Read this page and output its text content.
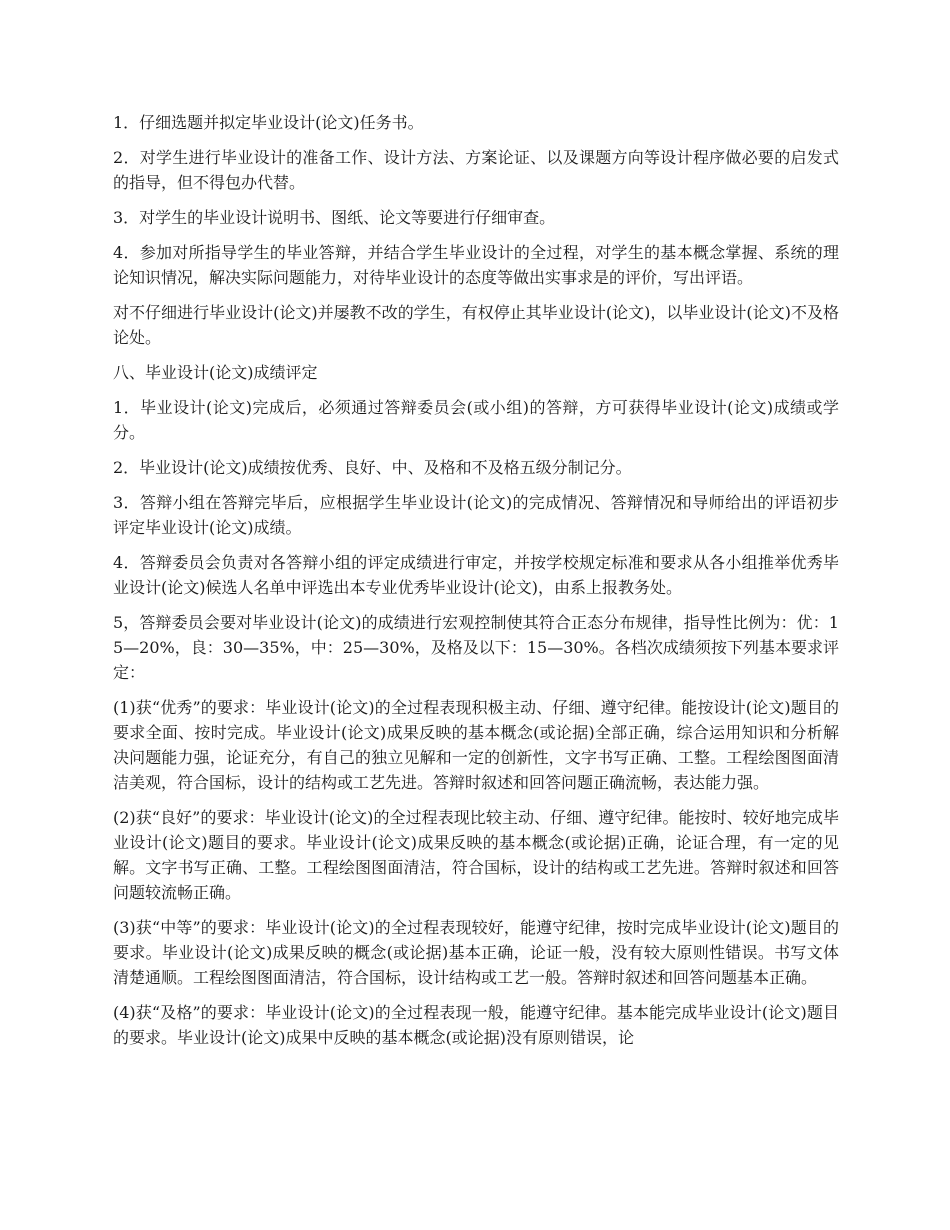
1．仔细选题并拟定毕业设计(论文)任务书。

2．对学生进行毕业设计的准备工作、设计方法、方案论证、以及课题方向等设计程序做必要的启发式的指导，但不得包办代替。

3．对学生的毕业设计说明书、图纸、论文等要进行仔细审查。

4．参加对所指导学生的毕业答辩，并结合学生毕业设计的全过程，对学生的基本概念掌握、系统的理论知识情况，解决实际问题能力，对待毕业设计的态度等做出实事求是的评价，写出评语。

对不仔细进行毕业设计(论文)并屡教不改的学生，有权停止其毕业设计(论文)，以毕业设计(论文)不及格论处。

八、毕业设计(论文)成绩评定

1．毕业设计(论文)完成后，必须通过答辩委员会(或小组)的答辩，方可获得毕业设计(论文)成绩或学分。

2．毕业设计(论文)成绩按优秀、良好、中、及格和不及格五级分制记分。

3．答辩小组在答辩完毕后，应根据学生毕业设计(论文)的完成情况、答辩情况和导师给出的评语初步评定毕业设计(论文)成绩。

4．答辩委员会负责对各答辩小组的评定成绩进行审定，并按学校规定标准和要求从各小组推举优秀毕业设计(论文)候选人名单中评选出本专业优秀毕业设计(论文)，由系上报教务处。

5，答辩委员会要对毕业设计(论文)的成绩进行宏观控制使其符合正态分布规律，指导性比例为：优：15—20%，良：30—35%，中：25—30%，及格及以下：15—30%。各档次成绩须按下列基本要求评定：

(1)获“优秀”的要求：毕业设计(论文)的全过程表现积极主动、仔细、遵守纪律。能按设计(论文)题目的要求全面、按时完成。毕业设计(论文)成果反映的基本概念(或论据)全部正确，综合运用知识和分析解决问题能力强，论证充分，有自己的独立见解和一定的创新性，文字书写正确、工整。工程绘图图面清洁美观，符合国标，设计的结构或工艺先进。答辩时叙述和回答问题正确流畅，表达能力强。

(2)获“良好”的要求：毕业设计(论文)的全过程表现比较主动、仔细、遵守纪律。能按时、较好地完成毕业设计(论文)题目的要求。毕业设计(论文)成果反映的基本概念(或论据)正确，论证合理，有一定的见解。文字书写正确、工整。工程绘图图面清洁，符合国标，设计的结构或工艺先进。答辩时叙述和回答问题较流畅正确。

(3)获“中等”的要求：毕业设计(论文)的全过程表现较好，能遵守纪律，按时完成毕业设计(论文)题目的要求。毕业设计(论文)成果反映的概念(或论据)基本正确，论证一般，没有较大原则性错误。书写文体清楚通顺。工程绘图图面清洁，符合国标，设计结构或工艺一般。答辩时叙述和回答问题基本正确。

(4)获“及格”的要求：毕业设计(论文)的全过程表现一般，能遵守纪律。基本能完成毕业设计(论文)题目的要求。毕业设计(论文)成果中反映的基本概念(或论据)没有原则错误，论
